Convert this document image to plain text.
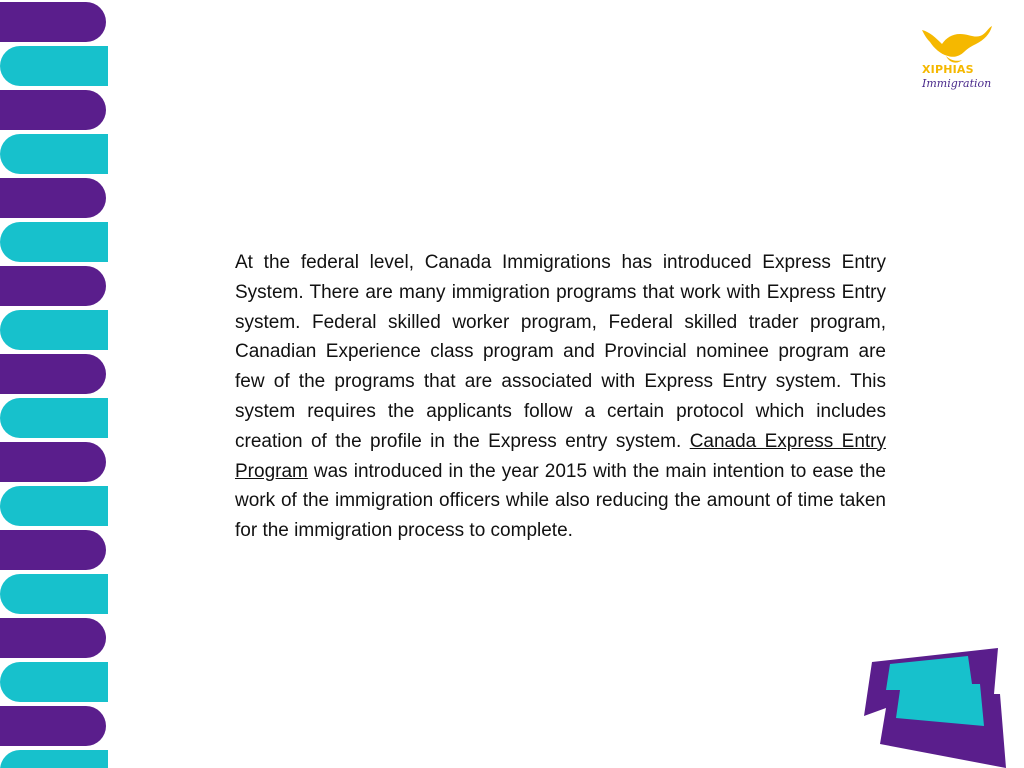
XIPHIAS
Immigration
At the federal level, Canada Immigrations has introduced Express Entry System. There are many immigration programs that work with Express Entry system. Federal skilled worker program, Federal skilled trader program, Canadian Experience class program and Provincial nominee program are few of the programs that are associated with Express Entry system. This system requires the applicants follow a certain protocol which includes creation of the profile in the Express entry system. Canada Express Entry Program was introduced in the year 2015 with the main intention to ease the work of the immigration officers while also reducing the amount of time taken for the immigration process to complete.
